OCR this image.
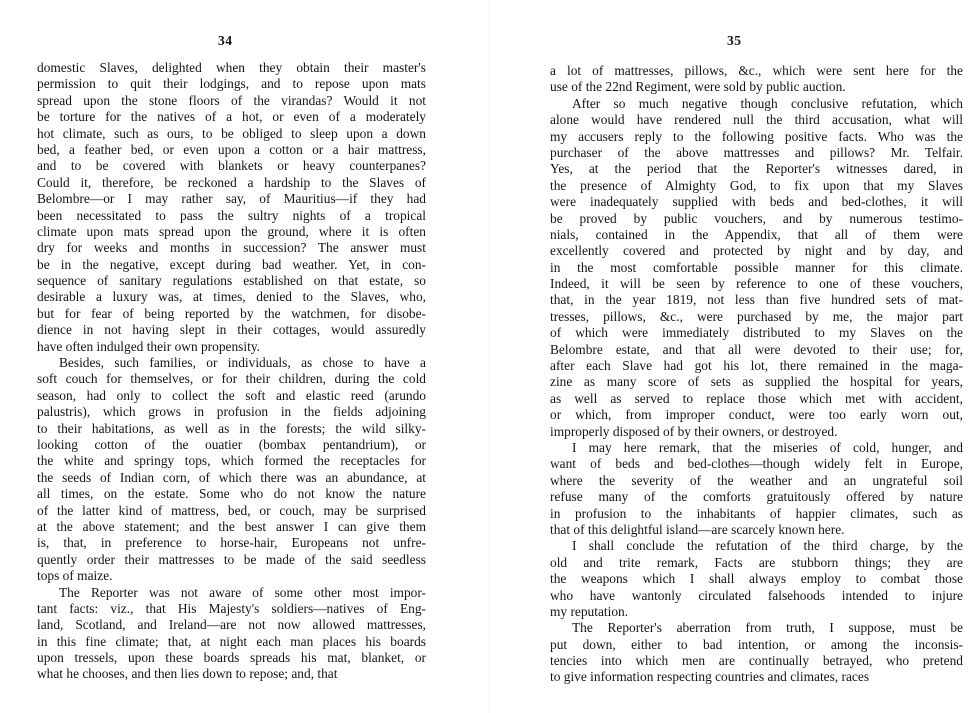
34
domestic Slaves, delighted when they obtain their master's
permission to quit their lodgings, and to repose upon mats
spread upon the stone floors of the virandas? Would it not
be torture for the natives of a hot, or even of a moderately
hot climate, such as ours, to be obliged to sleep upon a down
bed, a feather bed, or even upon a cotton or a hair mattress,
and to be covered with blankets or heavy counterpanes?
Could it, therefore, be reckoned a hardship to the Slaves of
Belombre—or I may rather say, of Mauritius—if they had
been necessitated to pass the sultry nights of a tropical
climate upon mats spread upon the ground, where it is often
dry for weeks and months in succession? The answer must
be in the negative, except during bad weather. Yet, in con-
sequence of sanitary regulations established on that estate, so
desirable a luxury was, at times, denied to the Slaves, who,
but for fear of being reported by the watchmen, for disobe-
dience in not having slept in their cottages, would assuredly
have often indulged their own propensity.
Besides, such families, or individuals, as chose to have a
soft couch for themselves, or for their children, during the cold
season, had only to collect the soft and elastic reed (arundo
palustris), which grows in profusion in the fields adjoining
to their habitations, as well as in the forests; the wild silky-
looking cotton of the ouatier (bombax pentandrium), or
the white and springy tops, which formed the receptacles for
the seeds of Indian corn, of which there was an abundance, at
all times, on the estate. Some who do not know the nature
of the latter kind of mattress, bed, or couch, may be surprised
at the above statement; and the best answer I can give them
is, that, in preference to horse-hair, Europeans not unfre-
quently order their mattresses to be made of the said seedless
tops of maize.
The Reporter was not aware of some other most impor-
tant facts: viz., that His Majesty's soldiers—natives of Eng-
land, Scotland, and Ireland—are not now allowed mattresses,
in this fine climate; that, at night each man places his boards
upon tressels, upon these boards spreads his mat, blanket, or
what he chooses, and then lies down to repose; and, that
35
a lot of mattresses, pillows, &c., which were sent here for the
use of the 22nd Regiment, were sold by public auction.
After so much negative though conclusive refutation, which
alone would have rendered null the third accusation, what will
my accusers reply to the following positive facts. Who was the
purchaser of the above mattresses and pillows? Mr. Telfair.
Yes, at the period that the Reporter's witnesses dared, in
the presence of Almighty God, to fix upon that my Slaves
were inadequately supplied with beds and bed-clothes, it will
be proved by public vouchers, and by numerous testimo-
nials, contained in the Appendix, that all of them were
excellently covered and protected by night and by day, and
in the most comfortable possible manner for this climate.
Indeed, it will be seen by reference to one of these vouchers,
that, in the year 1819, not less than five hundred sets of mat-
tresses, pillows, &c., were purchased by me, the major part
of which were immediately distributed to my Slaves on the
Belombre estate, and that all were devoted to their use; for,
after each Slave had got his lot, there remained in the maga-
zine as many score of sets as supplied the hospital for years,
as well as served to replace those which met with accident,
or which, from improper conduct, were too early worn out,
improperly disposed of by their owners, or destroyed.
I may here remark, that the miseries of cold, hunger, and
want of beds and bed-clothes—though widely felt in Europe,
where the severity of the weather and an ungrateful soil
refuse many of the comforts gratuitously offered by nature
in profusion to the inhabitants of happier climates, such as
that of this delightful island—are scarcely known here.
I shall conclude the refutation of the third charge, by the
old and trite remark, Facts are stubborn things; they are
the weapons which I shall always employ to combat those
who have wantonly circulated falsehoods intended to injure
my reputation.
The Reporter's aberration from truth, I suppose, must be
put down, either to bad intention, or among the inconsis-
tencies into which men are continually betrayed, who pretend
to give information respecting countries and climates, races
